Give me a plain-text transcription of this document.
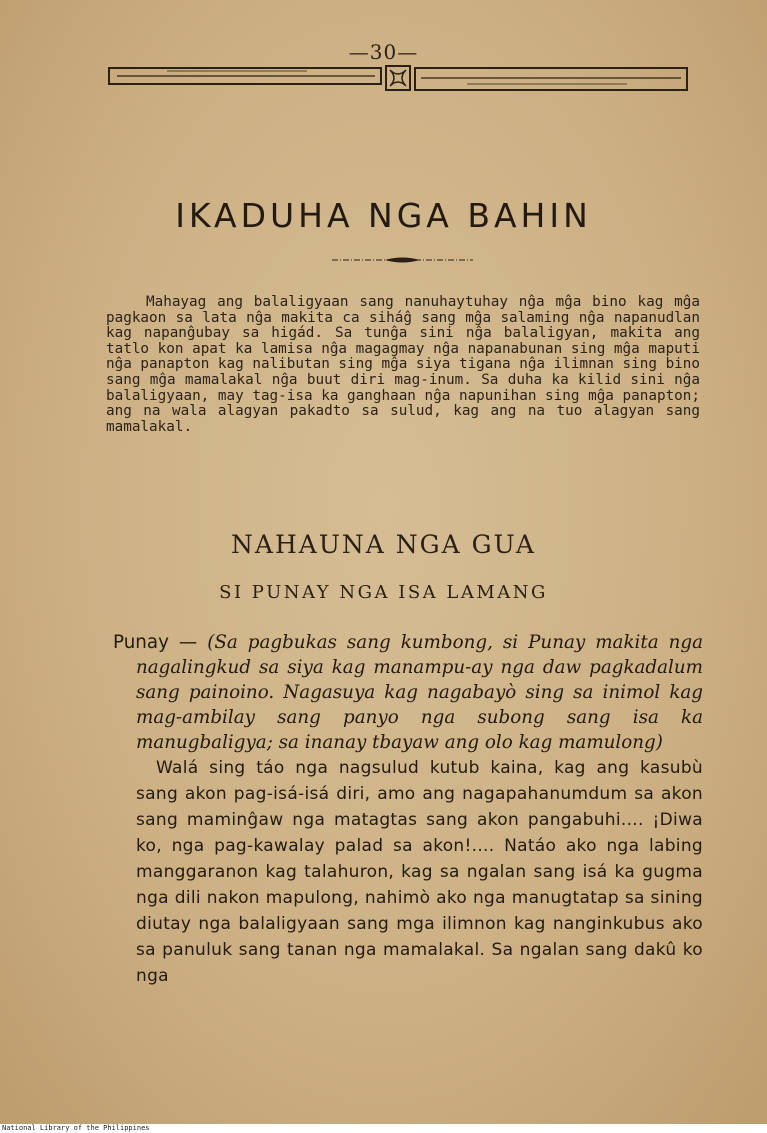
—30—
IKADUHA NGA BAHIN

Mahayag ang balaligyaan sang nanuhaytuhay nĝa mĝa bino kag mĝa pagkaon sa lata nĝa makita ca siháĝ sang mĝa salaming nĝa napanudlan kag napanĝubay sa higád. Sa tunĝa sini nĝa balaligyan, makita ang tatlo kon apat ka lamisa nĝa magagmay nĝa napanabunan sing mĝa maputi nĝa panapton kag nalibutan sing mĝa siya tigana nĝa ilimnan sing bino sang mĝa mamalakal nĝa buut diri mag-inum. Sa duha ka kilid sini nĝa balaligyaan, may tag-isa ka ganghaan nĝa napunihan sing mĝa panapton; ang na wala alagyan pakadto sa sulud, kag ang na tuo alagyan sang mamalakal.

NAHAUNA NGA GUA
SI PUNAY NGA ISA LAMANG

Punay — (Sa pagbukas sang kumbong, si Punay makita nga nagalingkud sa siya kag manampu-ay nga daw pagkadalum sang painoino. Nagasuya kag nagabayò sing sa inimol kag mag-ambilay sang panyo nga subong sang isa ka manugbaligya; sa inanay tbayaw ang olo kag mamulong)

Walá sing táo nga nagsulud kutub kaina, kag ang kasubù sang akon pag-isá-isá diri, amo ang nagapahanumdum sa akon sang maminĝaw nga matagtas sang akon pangabuhi.... ¡Diwa ko, nga pag-kawalay palad sa akon!.... Natáo ako nga labing manggaranon kag talahuron, kag sa ngalan sang isá ka gugma nga dili nakon mapulong, nahimò ako nga manugtatap sa sining diutay nga balaligyaan sang mga ilimnon kag nanginkubus ako sa panuluk sang tanan nga mamalakal. Sa ngalan sang dakû ko nga

National Library of the Philippines
